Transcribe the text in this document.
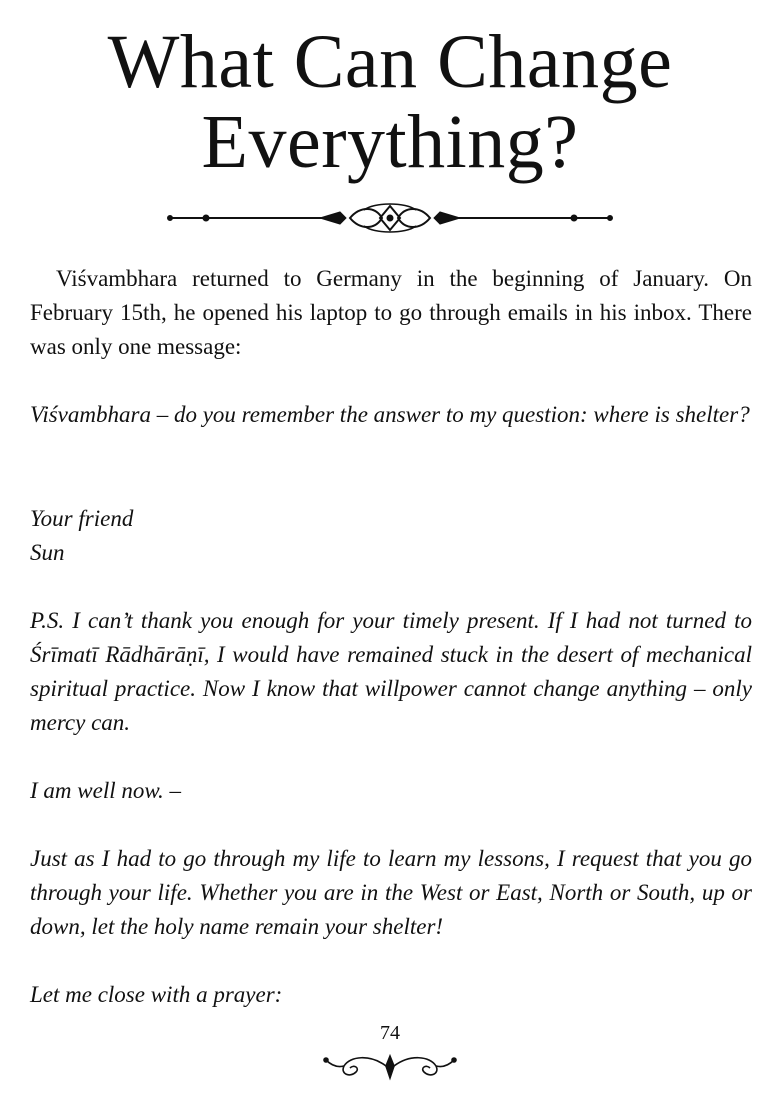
What Can Change
Everything?

Viśvambhara returned to Germany in the beginning of January. On February 15th, he opened his laptop to go through emails in his inbox. There was only one message:

Viśvambhara – do you remember the answer to my question: where is shelter?

Your friend

Sun

P.S. I can’t thank you enough for your timely present. If I had not turned to Śrīmatī Rādhārāṇī, I would have remained stuck in the desert of mechanical spiritual practice. Now I know that willpower cannot change anything – only mercy can.

I am well now. –

Just as I had to go through my life to learn my lessons, I request that you go through your life. Whether you are in the West or East, North or South, up or down, let the holy name remain your shelter!

Let me close with a prayer:

74
